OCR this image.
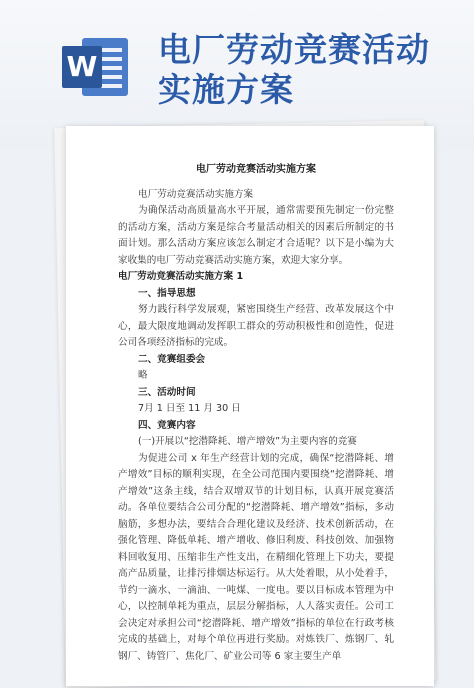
W 电厂劳动竞赛活动实施方案

电厂劳动竞赛活动实施方案

电厂劳动竞赛活动实施方案

为确保活动高质量高水平开展，通常需要预先制定一份完整的活动方案，活动方案是综合考量活动相关的因素后所制定的书面计划。那么活动方案应该怎么制定才合适呢？以下是小编为大家收集的电厂劳动竞赛活动实施方案，欢迎大家分享。

电厂劳动竞赛活动实施方案 1

一、指导思想

努力践行科学发展观，紧密围绕生产经营、改革发展这个中心，最大限度地调动发挥职工群众的劳动积极性和创造性，促进公司各项经济指标的完成。

二、竞赛组委会

略

三、活动时间

7月 1 日至 11 月 30 日

四、竞赛内容

(一)开展以“挖潜降耗、增产增效”为主要内容的竞赛

为促进公司 x 年生产经营计划的完成，确保“挖潜降耗、增产增效”目标的顺利实现，在全公司范围内要围绕“挖潜降耗、增产增效”这条主线，结合双增双节的计划目标，认真开展竞赛活动。各单位要结合公司分配的“挖潜降耗、增产增效”指标，多动脑筋，多想办法，要结合合理化建议及经济、技术创新活动，在强化管理、降低单耗、增产增收、修旧利废、科技创效、加强物料回收复用、压缩非生产性支出，在精细化管理上下功夫，要提高产品质量，让排污排烟达标运行。从大处着眼，从小处着手，节约一滴水、一滴油、一吨煤、一度电。要以目标成本管理为中心，以控制单耗为重点，层层分解指标，人人落实责任。公司工会决定对承担公司“挖潜降耗、增产增效”指标的单位在行政考核完成的基础上，对每个单位再进行奖励。对炼铁厂、炼钢厂、轧钢厂、铸管厂、焦化厂、矿业公司等 6 家主要生产单
